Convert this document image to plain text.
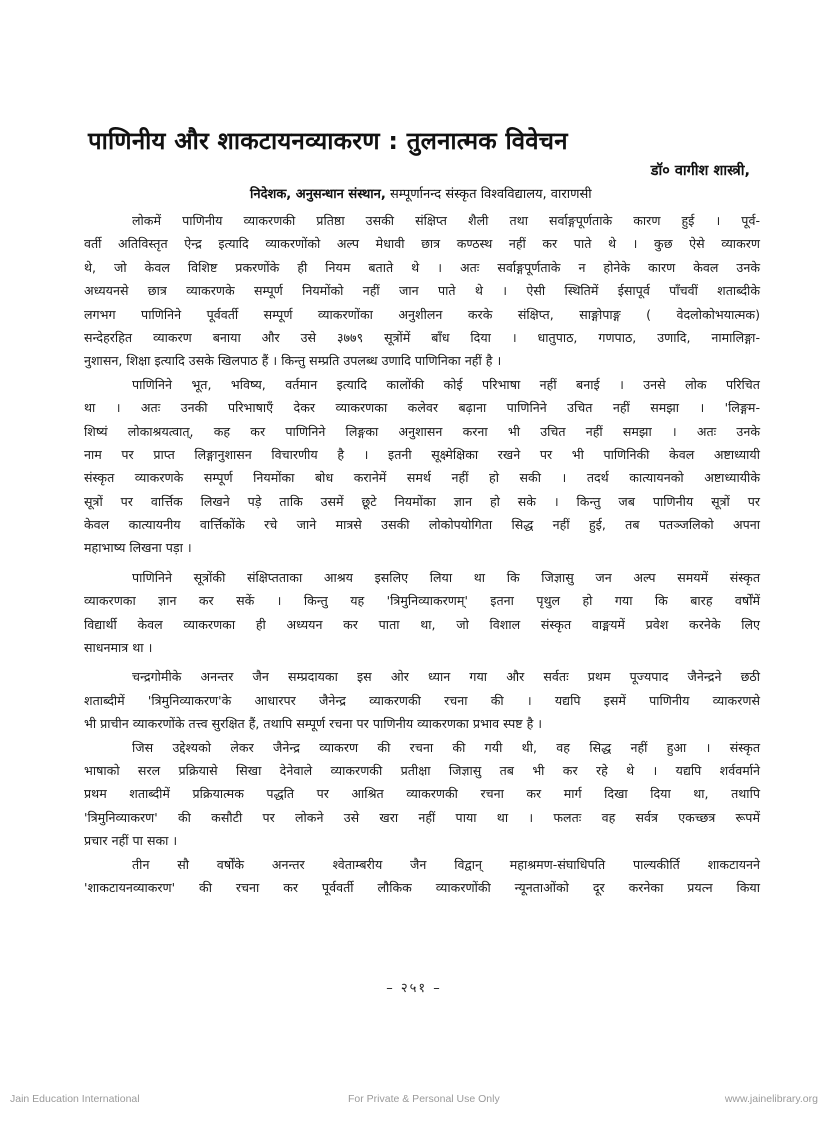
पाणिनीय और शाकटायनव्याकरण : तुलनात्मक विवेचन
डॉ० वागीश शास्त्री,
निदेशक, अनुसन्धान संस्थान, सम्पूर्णानन्द संस्कृत विश्वविद्यालय, वाराणसी
लोकमें पाणिनीय व्याकरणकी प्रतिष्ठा उसकी संक्षिप्त शैली तथा सर्वाङ्गपूर्णताके कारण हुई । पूर्व-
वर्ती अतिविस्तृत ऐन्द्र इत्यादि व्याकरणोंको अल्प मेधावी छात्र कण्ठस्थ नहीं कर पाते थे । कुछ ऐसे व्याकरण
थे, जो केवल विशिष्ट प्रकरणोंके ही नियम बताते थे । अतः सर्वाङ्गपूर्णताके न होनेके कारण केवल उनके
अध्ययनसे छात्र व्याकरणके सम्पूर्ण नियमोंको नहीं जान पाते थे । ऐसी स्थितिमें ईसापूर्व पाँचवीं शताब्दीके
लगभग पाणिनिने पूर्ववर्ती सम्पूर्ण व्याकरणोंका अनुशीलन करके संक्षिप्त, साङ्गोपाङ्ग ( वेदलोकोभयात्मक)
सन्देहरहित व्याकरण बनाया और उसे ३७७९ सूत्रोंमें बाँध दिया । धातुपाठ, गणपाठ, उणादि, नामालिङ्गा-
नुशासन, शिक्षा इत्यादि उसके खिलपाठ हैं । किन्तु सम्प्रति उपलब्ध उणादि पाणिनिका नहीं है ।
पाणिनिने भूत, भविष्य, वर्तमान इत्यादि कालोंकी कोई परिभाषा नहीं बनाई । उनसे लोक परिचित
था । अतः उनकी परिभाषाएँ देकर व्याकरणका कलेवर बढ़ाना पाणिनिने उचित नहीं समझा । 'लिङ्गम-
शिष्यं लोकाश्रयत्वात्, कह कर पाणिनिने लिङ्गका अनुशासन करना भी उचित नहीं समझा । अतः उनके
नाम पर प्राप्त लिङ्गानुशासन विचारणीय है । इतनी सूक्ष्मेक्षिका रखने पर भी पाणिनिकी केवल अष्टाध्यायी
संस्कृत व्याकरणके सम्पूर्ण नियमोंका बोध करानेमें समर्थ नहीं हो सकी । तदर्थ कात्यायनको अष्टाध्यायीके
सूत्रों पर वार्त्तिक लिखने पड़े ताकि उसमें छूटे नियमोंका ज्ञान हो सके । किन्तु जब पाणिनीय सूत्रों पर
केवल कात्यायनीय वार्त्तिकोंके रचे जाने मात्रसे उसकी लोकोपयोगिता सिद्ध नहीं हुई, तब पतञ्जलिको अपना
महाभाष्य लिखना पड़ा ।
पाणिनिने सूत्रोंकी संक्षिप्तताका आश्रय इसलिए लिया था कि जिज्ञासु जन अल्प समयमें संस्कृत
व्याकरणका ज्ञान कर सकें । किन्तु यह 'त्रिमुनिव्याकरणम्' इतना पृथुल हो गया कि बारह वर्षोंमें
विद्यार्थी केवल व्याकरणका ही अध्ययन कर पाता था, जो विशाल संस्कृत वाङ्मयमें प्रवेश करनेके लिए
साधनमात्र था ।
चन्द्रगोमीके अनन्तर जैन सम्प्रदायका इस ओर ध्यान गया और सर्वतः प्रथम पूज्यपाद जैनेन्द्रने छठी
शताब्दीमें 'त्रिमुनिव्याकरण'के आधारपर जैनेन्द्र व्याकरणकी रचना की । यद्यपि इसमें पाणिनीय व्याकरणसे
भी प्राचीन व्याकरणोंके तत्त्व सुरक्षित हैं, तथापि सम्पूर्ण रचना पर पाणिनीय व्याकरणका प्रभाव स्पष्ट है ।
जिस उद्देश्यको लेकर जैनेन्द्र व्याकरण की रचना की गयी थी, वह सिद्ध नहीं हुआ । संस्कृत
भाषाको सरल प्रक्रियासे सिखा देनेवाले व्याकरणकी प्रतीक्षा जिज्ञासु तब भी कर रहे थे । यद्यपि शर्ववर्माने
प्रथम शताब्दीमें प्रक्रियात्मक पद्धति पर आश्रित व्याकरणकी रचना कर मार्ग दिखा दिया था, तथापि
'त्रिमुनिव्याकरण' की कसौटी पर लोकने उसे खरा नहीं पाया था । फलतः वह सर्वत्र एकच्छत्र रूपमें
प्रचार नहीं पा सका ।
तीन सौ वर्षोंके अनन्तर श्वेताम्बरीय जैन विद्वान् महाश्रमण-संघाधिपति पाल्यकीर्ति शाकटायनने
'शाकटायनव्याकरण' की रचना कर पूर्ववर्ती लौकिक व्याकरणोंकी न्यूनताओंको दूर करनेका प्रयत्न किया
– २५१ –
Jain Education International	For Private & Personal Use Only	www.jainelibrary.org
